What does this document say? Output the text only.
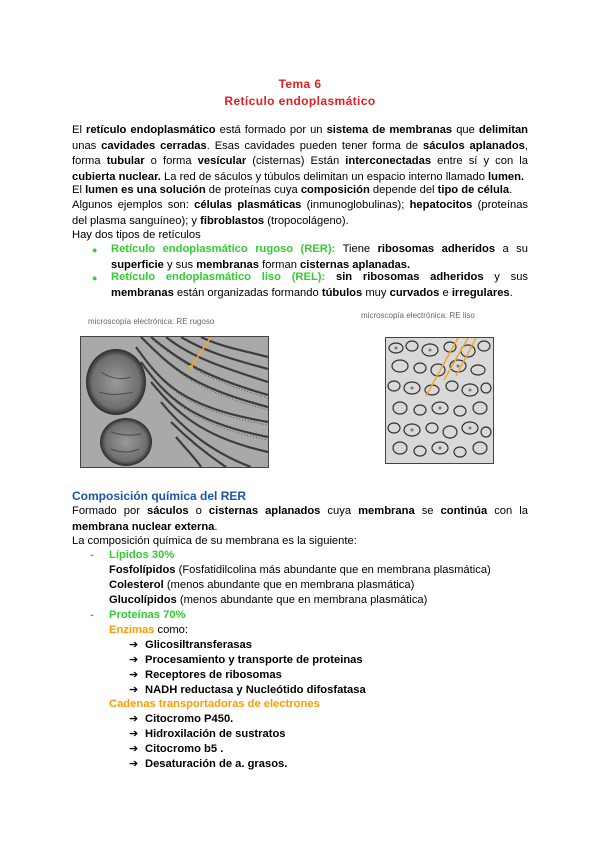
Tema 6
Retículo endoplasmático
El retículo endoplasmático está formado por un sistema de membranas que delimitan unas cavidades cerradas. Esas cavidades pueden tener forma de sáculos aplanados, forma tubular o forma vesícular (cisternas) Están interconectadas entre sí y con la cubierta nuclear. La red de sáculos y túbulos delimitan un espacio interno llamado lumen.
El lumen es una solución de proteínas cuya composición depende del tipo de célula.
Algunos ejemplos son: células plasmáticas (inmunoglobulinas); hepatocitos (proteínas del plasma sanguíneo); y fibroblastos (tropocolágeno).
Hay dos tipos de retículos
● Retículo endoplasmático rugoso (RER): Tiene ribosomas adheridos a su superficie y sus membranas forman cisternas aplanadas.
● Retículo endoplasmático liso (REL): sin ribosomas adheridos y sus membranas están organizadas formando túbulos muy curvados e irregulares.
microscopía electrónica: RE rugoso
microscopía electrónica: RE liso
Composición química del RER
Formado por sáculos o cisternas aplanados cuya membrana se continúa con la membrana nuclear externa.
La composición química de su membrana es la siguiente:
- Lípidos 30%
Fosfolípidos (Fosfatidilcolina más abundante que en membrana plasmática)
Colesterol (menos abundante que en membrana plasmática)
Glucolípidos (menos abundante que en membrana plasmática)
- Proteínas 70%
Enzimas como:
➔ Glicosiltransferasas
➔ Procesamiento y transporte de proteinas
➔ Receptores de ribosomas
➔ NADH reductasa y Nucleótido difosfatasa
Cadenas transportadoras de electrones
➔ Citocromo P450.
➔ Hidroxilación de sustratos
➔ Citocromo b5 .
➔ Desaturación de a. grasos.
